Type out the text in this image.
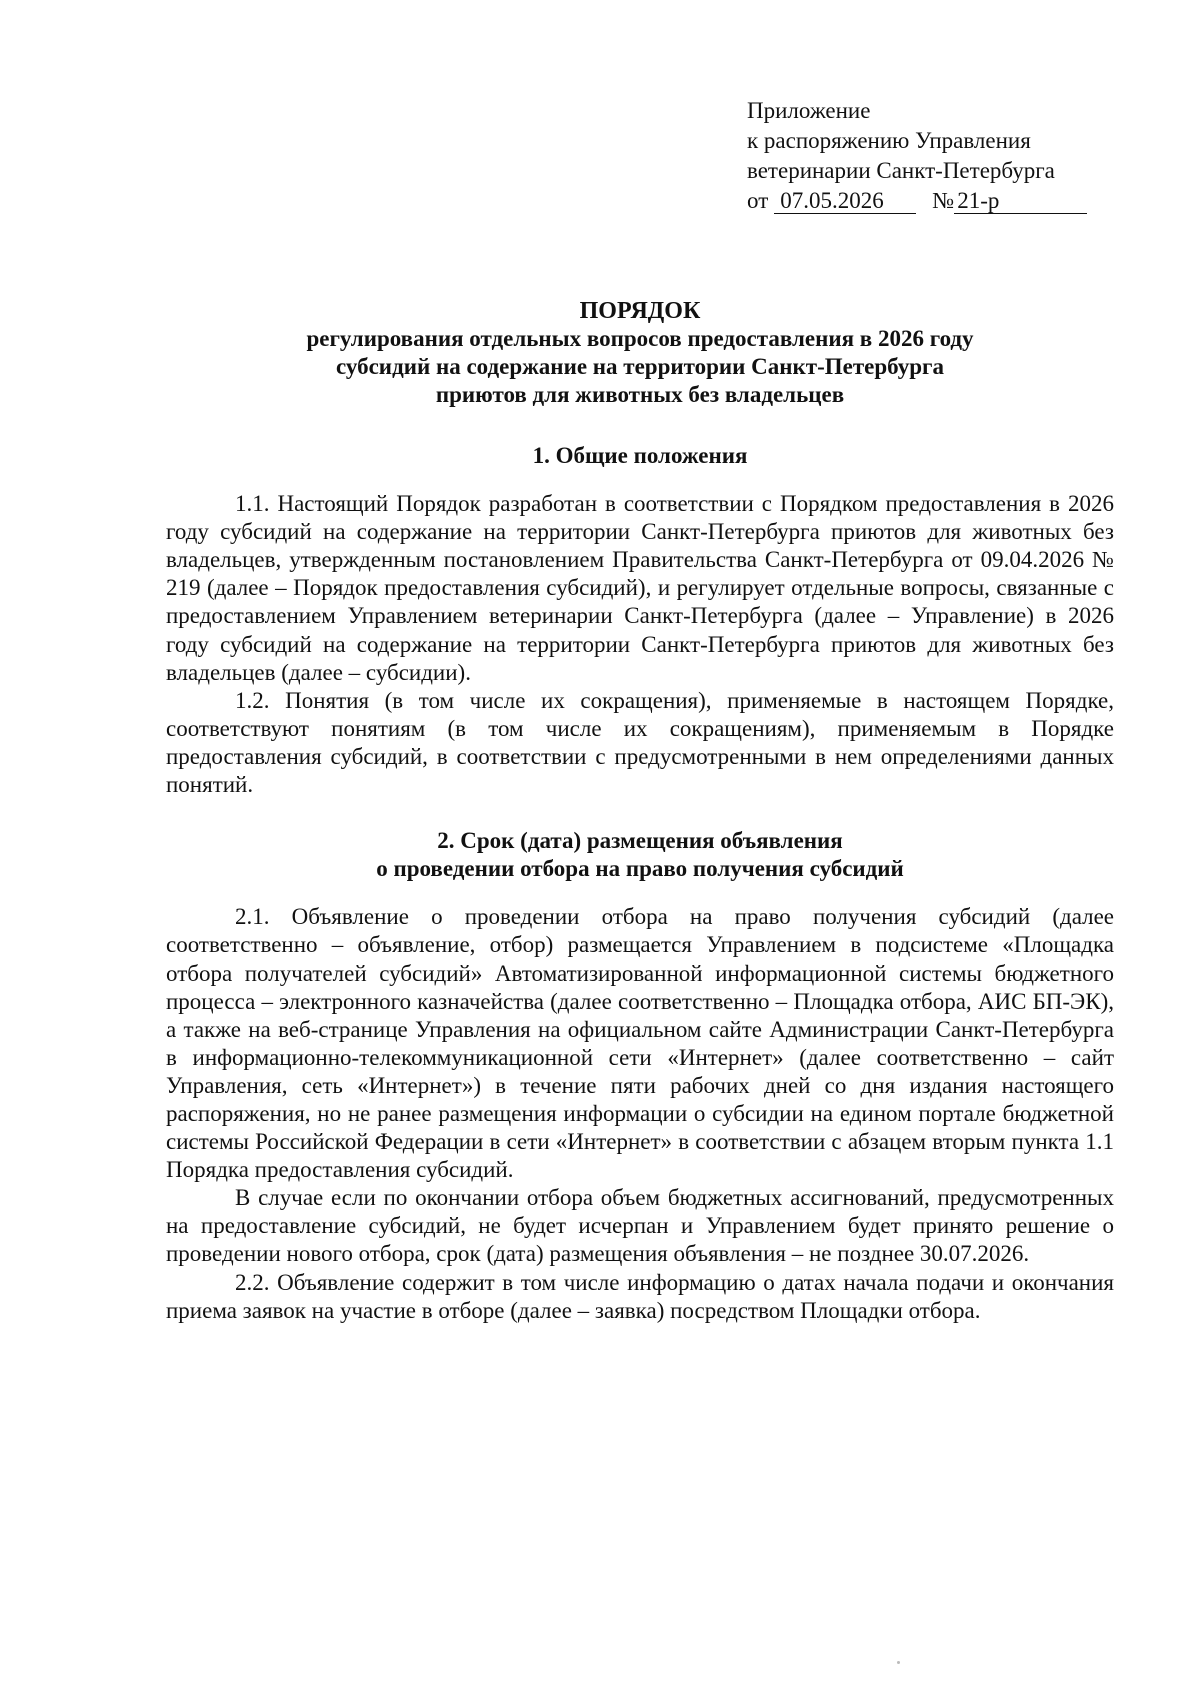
Приложение
к распоряжению Управления
ветеринарии Санкт-Петербурга
от 07.05.2026 № 21-р
ПОРЯДОК
регулирования отдельных вопросов предоставления в 2026 году
субсидий на содержание на территории Санкт-Петербурга
приютов для животных без владельцев
1. Общие положения

1.1. Настоящий Порядок разработан в соответствии с Порядком предоставления в 2026 году субсидий на содержание на территории Санкт-Петербурга приютов для животных без владельцев, утвержденным постановлением Правительства Санкт-Петербурга от 09.04.2026 № 219 (далее – Порядок предоставления субсидий), и регулирует отдельные вопросы, связанные с предоставлением Управлением ветеринарии Санкт-Петербурга (далее – Управление) в 2026 году субсидий на содержание на территории Санкт-Петербурга приютов для животных без владельцев (далее – субсидии).

1.2. Понятия (в том числе их сокращения), применяемые в настоящем Порядке, соответствуют понятиям (в том числе их сокращениям), применяемым в Порядке предоставления субсидий, в соответствии с предусмотренными в нем определениями данных понятий.

2. Срок (дата) размещения объявления
о проведении отбора на право получения субсидий

2.1. Объявление о проведении отбора на право получения субсидий (далее соответственно – объявление, отбор) размещается Управлением в подсистеме «Площадка отбора получателей субсидий» Автоматизированной информационной системы бюджетного процесса – электронного казначейства (далее соответственно – Площадка отбора, АИС БП-ЭК), а также на веб-странице Управления на официальном сайте Администрации Санкт-Петербурга в информационно-телекоммуникационной сети «Интернет» (далее соответственно – сайт Управления, сеть «Интернет») в течение пяти рабочих дней со дня издания настоящего распоряжения, но не ранее размещения информации о субсидии на едином портале бюджетной системы Российской Федерации в сети «Интернет» в соответствии с абзацем вторым пункта 1.1 Порядка предоставления субсидий.

В случае если по окончании отбора объем бюджетных ассигнований, предусмотренных на предоставление субсидий, не будет исчерпан и Управлением будет принято решение о проведении нового отбора, срок (дата) размещения объявления – не позднее 30.07.2026.

2.2. Объявление содержит в том числе информацию о датах начала подачи и окончания приема заявок на участие в отборе (далее – заявка) посредством Площадки отбора.
